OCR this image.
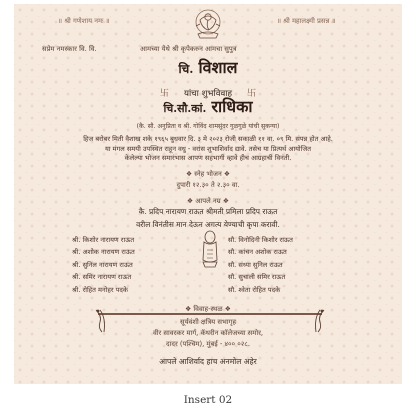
॥ श्री गणेशाय नमः ॥	॥ श्री महालक्ष्मी प्रसन्न ॥
सप्रेम नमस्कार वि. वि.	आमच्या येथे श्री कृपेकरुन आमचा सुपुत्र
चि. विशाल
卐 यांचा शुभविवाह 卐
चि.सौ.कां. राधिका
(कै. सौ. अनुप्रिता व श्री. गोविंद शामसुंदर गुळगुळे यांची सुकन्या)
हिज बरोबर मिती वैशाख शके १९६५ बुधवार दि. ३ मे २०२३ रोजी सकाळी ११ वा. ०९ मि. संपन्न होत आहे.
या मंगल समयी उपस्थित राहून वधु - वरांस शुभाशिर्वाद द्यावे. तसेच या प्रित्यर्थ आयोजित
केलेल्या भोजन समारंभास आपण सहभागी व्हावे हीच आग्रहाची विनंती.
❖ स्नेह भोजन ❖
दुपारी १२.३० ते २.३० वा.
❖ आपले नम्र ❖
कै. प्रदिप नारायण राऊत श्रीमती प्रमिला प्रदिप राऊत
वरील विनंतीस मान देऊन अगत्य येण्याची कृपा करावी.
श्री. किशोर नारायण राऊत
श्री. अशोक नारायण राऊत
श्री. सुनिल नारायण राऊत
श्री. समिर नारायण राऊत
श्री. रोहित मनोहर पदके
सौ. विनोदिनी किशोर राऊत
सौ. कांचन अशोक राऊत
सौ. संध्या सुनिल राऊत
सौ. सुचाली समिर राऊत
सौ. श्वेता रोहित पदके
❖ विवाह-स्थळ ❖
सूर्यवंशी क्षत्रिय सभागृह
वीर सावरकर मार्ग, कॅथरीन कॉलेजच्या समोर,
दादर (पश्चिम), मुंबई - ४०० ०२८.
आपले आशिर्वाद हाच अनमोल अहेर
Insert 02
